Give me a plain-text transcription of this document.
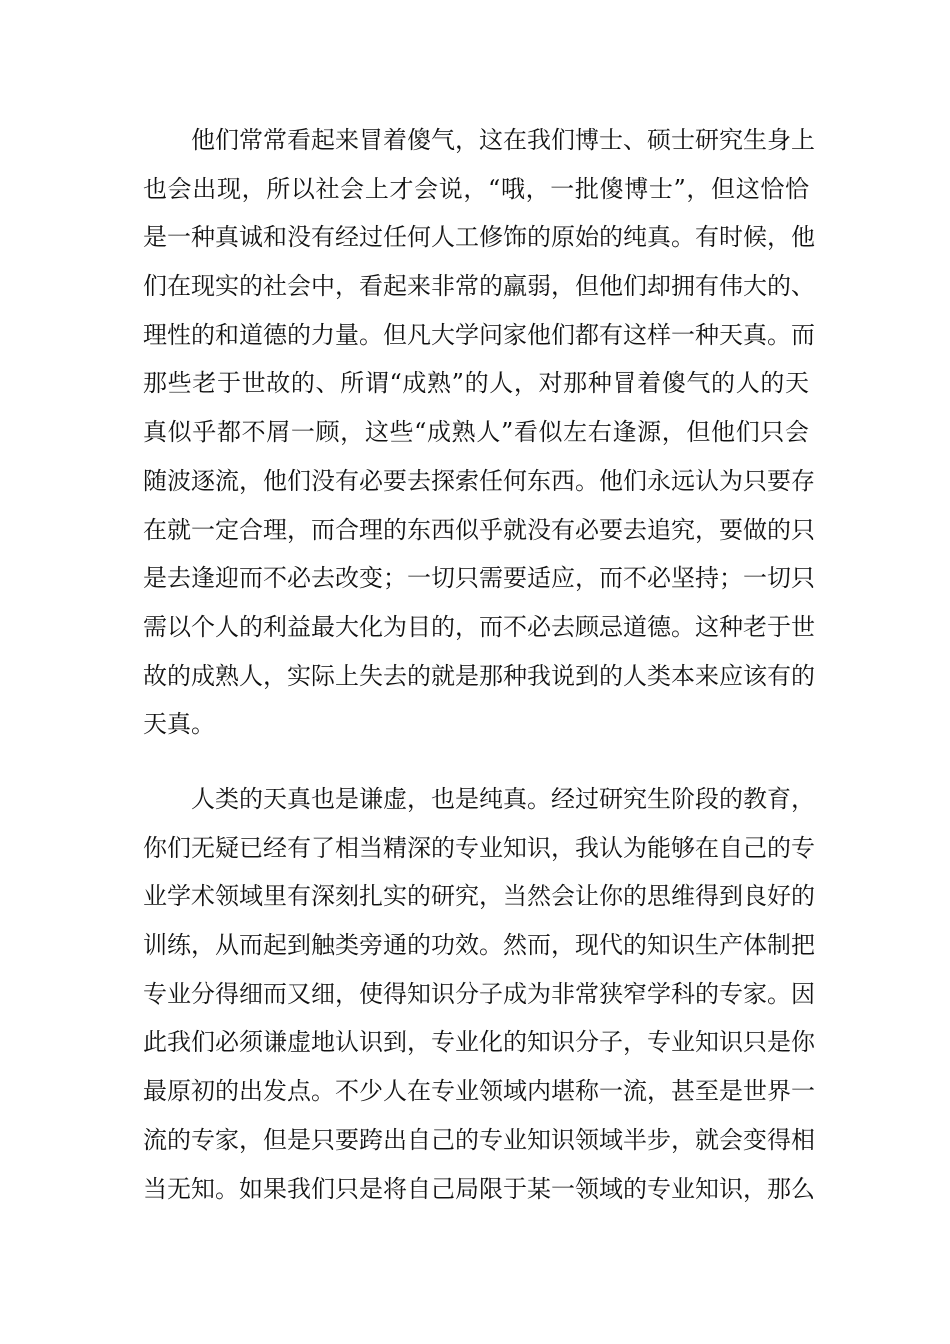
他们常常看起来冒着傻气，这在我们博士、硕士研究生身上
也会出现，所以社会上才会说，“哦，一批傻博士”，但这恰恰
是一种真诚和没有经过任何人工修饰的原始的纯真。有时候，他
们在现实的社会中，看起来非常的羸弱，但他们却拥有伟大的、
理性的和道德的力量。但凡大学问家他们都有这样一种天真。而
那些老于世故的、所谓“成熟”的人，对那种冒着傻气的人的天
真似乎都不屑一顾，这些“成熟人”看似左右逢源，但他们只会
随波逐流，他们没有必要去探索任何东西。他们永远认为只要存
在就一定合理，而合理的东西似乎就没有必要去追究，要做的只
是去逢迎而不必去改变；一切只需要适应，而不必坚持；一切只
需以个人的利益最大化为目的，而不必去顾忌道德。这种老于世
故的成熟人，实际上失去的就是那种我说到的人类本来应该有的
天真。
人类的天真也是谦虚，也是纯真。经过研究生阶段的教育，
你们无疑已经有了相当精深的专业知识，我认为能够在自己的专
业学术领域里有深刻扎实的研究，当然会让你的思维得到良好的
训练，从而起到触类旁通的功效。然而，现代的知识生产体制把
专业分得细而又细，使得知识分子成为非常狭窄学科的专家。因
此我们必须谦虚地认识到，专业化的知识分子，专业知识只是你
最原初的出发点。不少人在专业领域内堪称一流，甚至是世界一
流的专家，但是只要跨出自己的专业知识领域半步，就会变得相
当无知。如果我们只是将自己局限于某一领域的专业知识，那么
